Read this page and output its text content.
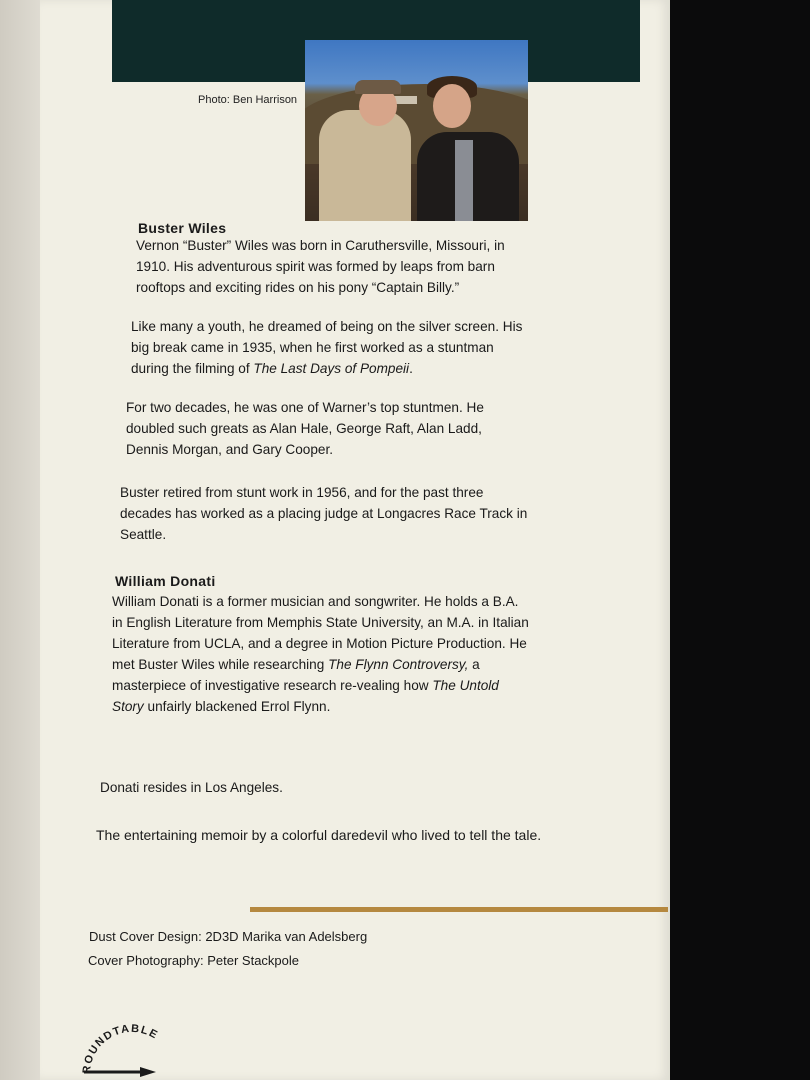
Photo: Ben Harrison
Buster Wiles

Vernon “Buster” Wiles was born in Caruthersville, Missouri, in 1910. His adventurous spirit was formed by leaps from barn rooftops and exciting rides on his pony “Captain Billy.”

Like many a youth, he dreamed of being on the silver screen. His big break came in 1935, when he first worked as a stuntman during the filming of The Last Days of Pompeii.

For two decades, he was one of Warner’s top stuntmen. He doubled such greats as Alan Hale, George Raft, Alan Ladd, Dennis Morgan, and Gary Cooper.

Buster retired from stunt work in 1956, and for the past three decades has worked as a placing judge at Longacres Race Track in Seattle.

William Donati

William Donati is a former musician and songwriter. He holds a B.A. in English Literature from Memphis State University, an M.A. in Italian Literature from UCLA, and a degree in Motion Picture Production. He met Buster Wiles while researching The Flynn Controversy, a masterpiece of investigative research re-vealing how The Untold Story unfairly blackened Errol Flynn.

Donati resides in Los Angeles.

The entertaining memoir by a colorful daredevil who lived to tell the tale.

Dust Cover Design: 2D3D Marika van Adelsberg
Cover Photography: Peter Stackpole
ROUNDTABLE
